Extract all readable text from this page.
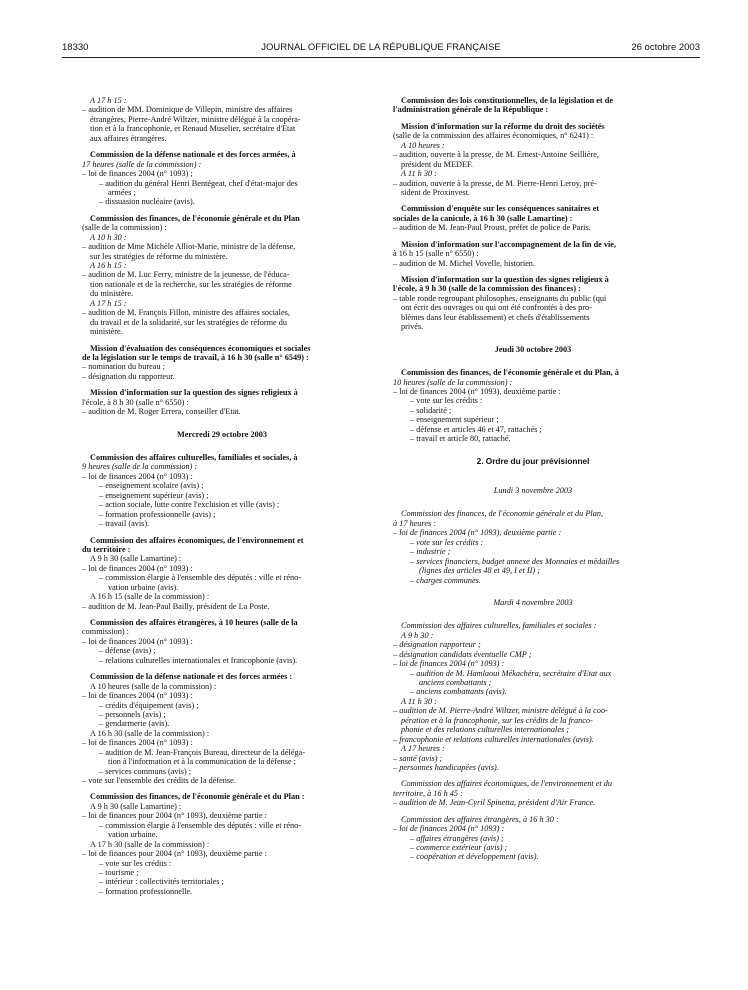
18330	JOURNAL OFFICIEL DE LA RÉPUBLIQUE FRANÇAISE	26 octobre 2003
A 17 h 15 :
– audition de MM. Dominique de Villepin, ministre des affaires
étrangères, Pierre-André Wiltzer, ministre délégué à la coopéra-
tion et à la francophonie, et Renaud Muselier, secrétaire d'Etat
aux affaires étrangères.
Commission de la défense nationale et des forces armées, à
17 heures (salle de la commission) :
– loi de finances 2004 (n° 1093) ;
– audition du général Henri Bentégeat, chef d'état-major des
armées ;
– dissuasion nucléaire (avis).
Commission des finances, de l'économie générale et du Plan
(salle de la commission) :
A 10 h 30 :
– audition de Mme Michèle Alliot-Marie, ministre de la défense,
sur les stratégies de réforme du ministère.
A 16 h 15 :
– audition de M. Luc Ferry, ministre de la jeunesse, de l'éduca-
tion nationale et de la recherche, sur les stratégies de réforme
du ministère.
A 17 h 15 :
– audition de M. François Fillon, ministre des affaires sociales,
du travail et de la solidarité, sur les stratégies de réforme du
ministère.
Mission d'évaluation des conséquences économiques et sociales
de la législation sur le temps de travail, à 16 h 30 (salle n° 6549) :
– nomination du bureau ;
– désignation du rapporteur.
Mission d'information sur la question des signes religieux à
l'école, à 8 h 30 (salle n° 6550) :
– audition de M. Roger Errera, conseiller d'Etat.
Mercredi 29 octobre 2003
Commission des affaires culturelles, familiales et sociales, à
9 heures (salle de la commission) :
– loi de finances 2004 (n° 1093) :
– enseignement scolaire (avis) ;
– enseignement supérieur (avis) ;
– action sociale, lutte contre l'exclusion et ville (avis) ;
– formation professionnelle (avis) ;
– travail (avis).
Commission des affaires économiques, de l'environnement et
du territoire :
A 9 h 30 (salle Lamartine) :
– loi de finances 2004 (n° 1093) :
– commission élargie à l'ensemble des députés : ville et réno-
vation urbaine (avis).
A 16 h 15 (salle de la commission) :
– audition de M. Jean-Paul Bailly, président de La Poste.
Commission des affaires étrangères, à 10 heures (salle de la
commission) :
– loi de finances 2004 (n° 1093) :
– défense (avis) ;
– relations culturelles internationales et francophonie (avis).
Commission de la défense nationale et des forces armées :
A 10 heures (salle de la commission) :
– loi de finances 2004 (n° 1093) :
– crédits d'équipement (avis) ;
– personnels (avis) ;
– gendarmerie (avis).
A 16 h 30 (salle de la commission) :
– loi de finances 2004 (n° 1093) :
– audition de M. Jean-François Bureau, directeur de la déléga-
tion à l'information et à la communication de la défense ;
– services communs (avis) ;
– vote sur l'ensemble des crédits de la défense.
Commission des finances, de l'économie générale et du Plan :
A 9 h 30 (salle Lamartine) :
– loi de finances pour 2004 (n° 1093), deuxième partie :
– commission élargie à l'ensemble des députés : ville et réno-
vation urbaine.
A 17 h 30 (salle de la commission) :
– loi de finances pour 2004 (n° 1093), deuxième partie :
– vote sur les crédits :
– tourisme ;
– intérieur : collectivités territoriales ;
– formation professionnelle.
Commission des lois constitutionnelles, de la législation et de
l'administration générale de la République :
Mission d'information sur la réforme du droit des sociétés
(salle de la commission des affaires économiques, n° 6241) :
A 10 heures :
– audition, ouverte à la presse, de M. Ernest-Antoine Seillière,
président du MEDEF.
A 11 h 30 :
– audition, ouverte à la presse, de M. Pierre-Henri Leroy, pré-
sident de Proxinvest.
Commission d'enquête sur les conséquences sanitaires et
sociales de la canicule, à 16 h 30 (salle Lamartine) :
– audition de M. Jean-Paul Proust, préfet de police de Paris.
Mission d'information sur l'accompagnement de la fin de vie,
à 16 h 15 (salle n° 6550) :
– audition de M. Michel Vovelle, historien.
Mission d'information sur la question des signes religieux à
l'école, à 9 h 30 (salle de la commission des finances) :
– table ronde regroupant philosophes, enseignants du public (qui
ont écrit des ouvrages ou qui ont été confrontés à des pro-
blèmes dans leur établissement) et chefs d'établissements
privés.
Jeudi 30 octobre 2003
Commission des finances, de l'économie générale et du Plan, à
10 heures (salle de la commission) :
– loi de finances 2004 (n° 1093), deuxième partie :
– vote sur les crédits :
– solidarité ;
– enseignement supérieur ;
– défense et articles 46 et 47, rattachés ;
– travail et article 80, rattaché.
2. Ordre du jour prévisionnel
Lundi 3 novembre 2003
Commission des finances, de l'économie générale et du Plan,
à 17 heures :
– loi de finances 2004 (n° 1093), deuxième partie :
– vote sur les crédits :
– industrie ;
– services financiers, budget annexe des Monnaies et médailles
(lignes des articles 48 et 49, I et II) ;
– charges communes.
Mardi 4 novembre 2003
Commission des affaires culturelles, familiales et sociales :
A 9 h 30 :
– désignation rapporteur ;
– désignation candidats éventuelle CMP ;
– loi de finances 2004 (n° 1093) :
– audition de M. Hamlaoui Mékachéra, secrétaire d'Etat aux
anciens combattants ;
– anciens combattants (avis).
A 11 h 30 :
– audition de M. Pierre-André Wiltzer, ministre délégué à la coo-
pération et à la francophonie, sur les crédits de la franco-
phonie et des relations culturelles internationales ;
– francophonie et relations culturelles internationales (avis).
A 17 heures :
– santé (avis) ;
– personnes handicapées (avis).
Commission des affaires économiques, de l'environnement et du
territoire, à 16 h 45 :
– audition de M. Jean-Cyril Spinetta, président d'Air France.
Commission des affaires étrangères, à 16 h 30 :
– loi de finances 2004 (n° 1093) :
– affaires étrangères (avis) ;
– commerce extérieur (avis) ;
– coopération et développement (avis).
